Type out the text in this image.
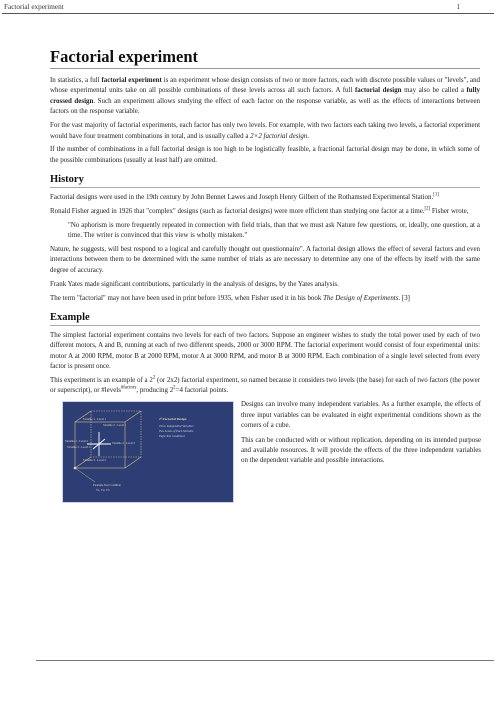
Factorial experiment	1
Factorial experiment

In statistics, a full factorial experiment is an experiment whose design consists of two or more factors, each with discrete possible values or "levels", and whose experimental units take on all possible combinations of these levels across all such factors. A full factorial design may also be called a fully crossed design. Such an experiment allows studying the effect of each factor on the response variable, as well as the effects of interactions between factors on the response variable.

For the vast majority of factorial experiments, each factor has only two levels. For example, with two factors each taking two levels, a factorial experiment would have four treatment combinations in total, and is usually called a 2×2 factorial design.

If the number of combinations in a full factorial design is too high to be logistically feasible, a fractional factorial design may be done, in which some of the possible combinations (usually at least half) are omitted.

History

Factorial designs were used in the 19th century by John Bennet Lawes and Joseph Henry Gilbert of the Rothamsted Experimental Station.[1]

Ronald Fisher argued in 1926 that "complex" designs (such as factorial designs) were more efficient than studying one factor at a time.[2] Fisher wrote,

"No aphorism is more frequently repeated in connection with field trials, than that we must ask Nature few questions, or, ideally, one question, at a time. The writer is convinced that this view is wholly mistaken."

Nature, he suggests, will best respond to a logical and carefully thought out questionnaire". A factorial design allows the effect of several factors and even interactions between them to be determined with the same number of trials as are necessary to determine any one of the effects by itself with the same degree of accuracy.

Frank Yates made significant contributions, particularly in the analysis of designs, by the Yates analysis.

The term "factorial" may not have been used in print before 1935, when Fisher used it in his book The Design of Experiments. [3]

Example

The simplest factorial experiment contains two levels for each of two factors. Suppose an engineer wishes to study the total power used by each of two different motors, A and B, running at each of two different speeds, 2000 or 3000 RPM. The factorial experiment would consist of four experimental units: motor A at 2000 RPM, motor B at 2000 RPM, motor A at 3000 RPM, and motor B at 3000 RPM. Each combination of a single level selected from every factor is present once.

This experiment is an example of a $2^2$ (or 2x2) factorial experiment, so named because it considers two levels (the base) for each of two factors (the power or superscript), or #levels$^{\#factors}$, producing $2^2=4$ factorial points.

2³ Factorial Design
Three Independent Variables
Two Levels of Each Variable
Eight Test Conditions
Variable 1 - Level 1
Variable 2 - Level 1
Variable 1 - Level 2	Variable 2 - Level 2
Variable 3 - Level 1
Variable 3 - Level 2
Example Test Condition
V1, V2, V3

Designs can involve many independent variables. As a further example, the effects of three input variables can be evaluated in eight experimental conditions shown as the corners of a cube.

This can be conducted with or without replication, depending on its intended purpose and available resources. It will provide the effects of the three independent variables on the dependent variable and possible interactions.
